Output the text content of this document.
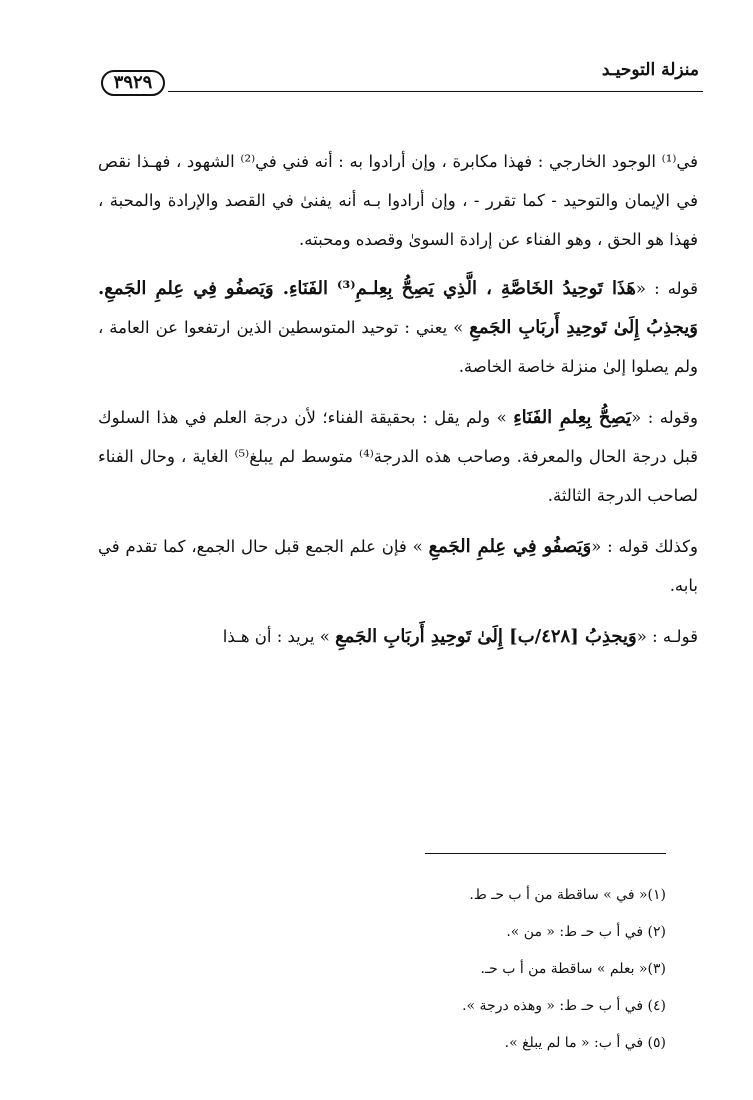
منزلة التوحيـد
٣٩٢٩

في⁽¹⁾ الوجود الخارجي : فهذا مكابرة ، وإن أرادوا به : أنه فني في⁽²⁾ الشهود ، فهـذا نقص في الإيمان والتوحيد - كما تقرر - ، وإن أرادوا بـه أنه يفنىٰ في القصد والإرادة والمحبة ، فهذا هو الحق ، وهو الفناء عن إرادة السوىٰ وقصده ومحبته.

قوله : «هَذَا تَوحِيدُ الخَاصَّةِ ، الَّذِي يَصِحُّ بِعِلـمِ⁽³⁾ الفَنَاءِ. وَيَصفُو فِي عِلمِ الجَمعِ. وَيجذِبُ إِلَىٰ تَوحِيدِ أَربَابِ الجَمعِ » يعني : توحيد المتوسطين الذين ارتفعوا عن العامة ، ولم يصلوا إلىٰ منزلة خاصة الخاصة.

وقوله : «يَصِحُّ بِعِلمِ الفَنَاءِ » ولم يقل : بحقيقة الفناء؛ لأن درجة العلم في هذا السلوك قبل درجة الحال والمعرفة. وصاحب هذه الدرجة⁽⁴⁾ متوسط لم يبلغ⁽⁵⁾ الغاية ، وحال الفناء لصاحب الدرجة الثالثة.

وكذلك قوله : «وَيَصفُو فِي عِلمِ الجَمعِ » فإن علم الجمع قبل حال الجمع، كما تقدم في بابه.

قولـه : «وَيجذِبُ [٤٢٨/ب] إِلَىٰ تَوحِيدِ أَربَابِ الجَمعِ » يريد : أن هـذا

(١)« في » ساقطة من أ ب حـ ط.

(٢) في أ ب حـ ط: « من ».

(٣)« بعلم » ساقطة من أ ب حـ.

(٤) في أ ب حـ ط: « وهذه درجة ».

(٥) في أ ب: « ما لم يبلغ ».
